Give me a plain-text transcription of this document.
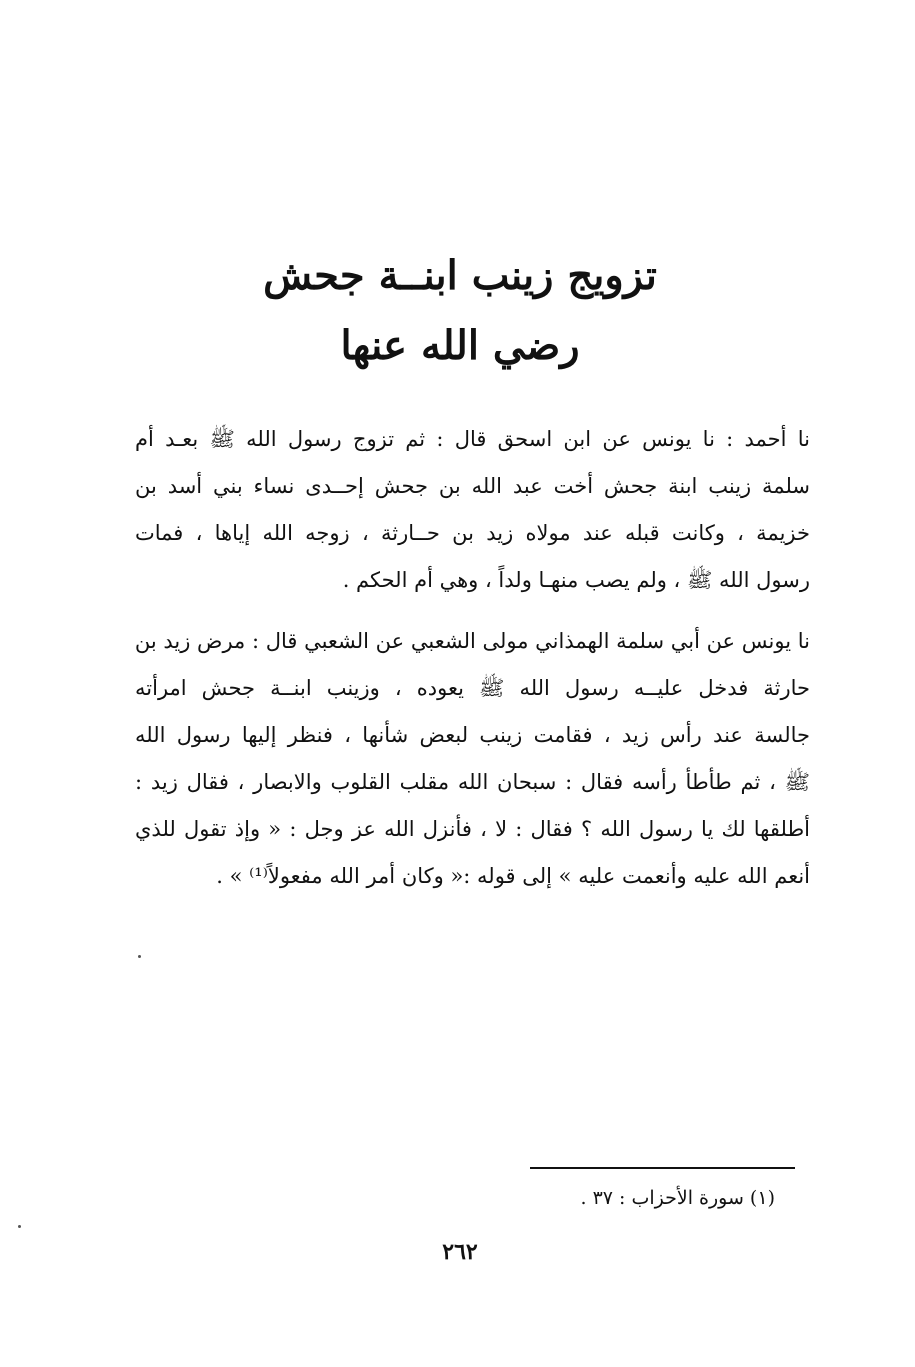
تزويج زينب ابنــة جحش
رضي الله عنها
نا أحمد : نا يونس عن ابن اسحق قال : ثم تزوج رسول الله ﷺ بعـد أم
سلمة زينب ابنة جحش أخت عبد الله بن جحش إحــدى نساء بني أسد بن
خزيمة ، وكانت قبله عند مولاه زيد بن حــارثة ، زوجه الله إياها ، فمات
رسول الله ﷺ ، ولم يصب منهـا ولداً ، وهي أم الحكم .
نا يونس عن أبي سلمة الهمذاني مولى الشعبي عن الشعبي قال : مرض زيد بن
حارثة فدخل عليــه رسول الله ﷺ يعوده ، وزينب ابنــة جحش امرأته
جالسة عند رأس زيد ، فقامت زينب لبعض شأنها ، فنظر إليها رسول الله
ﷺ ، ثم طأطأ رأسه فقال : سبحان الله مقلب القلوب والابصار ، فقال زيد :
أطلقها لك يا رسول الله ؟ فقال : لا ، فأنزل الله عز وجل : « وإذ تقول للذي
أنعم الله عليه وأنعمت عليه » إلى قوله :« وكان أمر الله مفعولاً⁽¹⁾ » .
(١) سورة الأحزاب : ٣٧ .
٢٦٢
